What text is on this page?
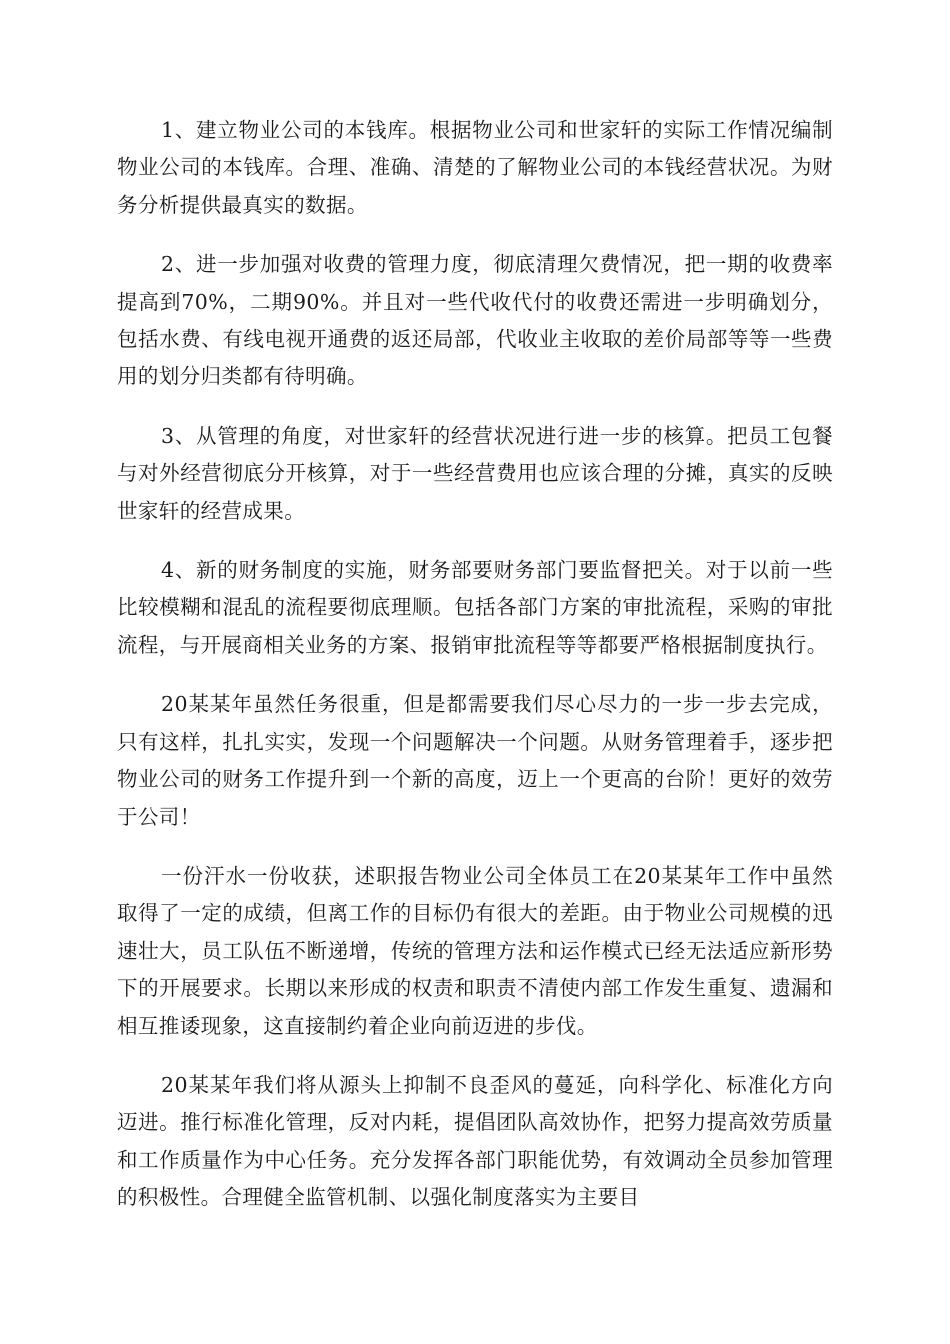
1、建立物业公司的本钱库。根据物业公司和世家轩的实际工作情况编制物业公司的本钱库。合理、准确、清楚的了解物业公司的本钱经营状况。为财务分析提供最真实的数据。

2、进一步加强对收费的管理力度，彻底清理欠费情况，把一期的收费率提高到70%，二期90%。并且对一些代收代付的收费还需进一步明确划分，包括水费、有线电视开通费的返还局部，代收业主收取的差价局部等等一些费用的划分归类都有待明确。

3、从管理的角度，对世家轩的经营状况进行进一步的核算。把员工包餐与对外经营彻底分开核算，对于一些经营费用也应该合理的分摊，真实的反映世家轩的经营成果。

4、新的财务制度的实施，财务部要财务部门要监督把关。对于以前一些比较模糊和混乱的流程要彻底理顺。包括各部门方案的审批流程，采购的审批流程，与开展商相关业务的方案、报销审批流程等等都要严格根据制度执行。

20某某年虽然任务很重，但是都需要我们尽心尽力的一步一步去完成，只有这样，扎扎实实，发现一个问题解决一个问题。从财务管理着手，逐步把物业公司的财务工作提升到一个新的高度，迈上一个更高的台阶！更好的效劳于公司！

一份汗水一份收获，述职报告物业公司全体员工在20某某年工作中虽然取得了一定的成绩，但离工作的目标仍有很大的差距。由于物业公司规模的迅速壮大，员工队伍不断递增，传统的管理方法和运作模式已经无法适应新形势下的开展要求。长期以来形成的权责和职责不清使内部工作发生重复、遗漏和相互推诿现象，这直接制约着企业向前迈进的步伐。

20某某年我们将从源头上抑制不良歪风的蔓延，向科学化、标准化方向迈进。推行标准化管理，反对内耗，提倡团队高效协作，把努力提高效劳质量和工作质量作为中心任务。充分发挥各部门职能优势，有效调动全员参加管理的积极性。合理健全监管机制、以强化制度落实为主要目
